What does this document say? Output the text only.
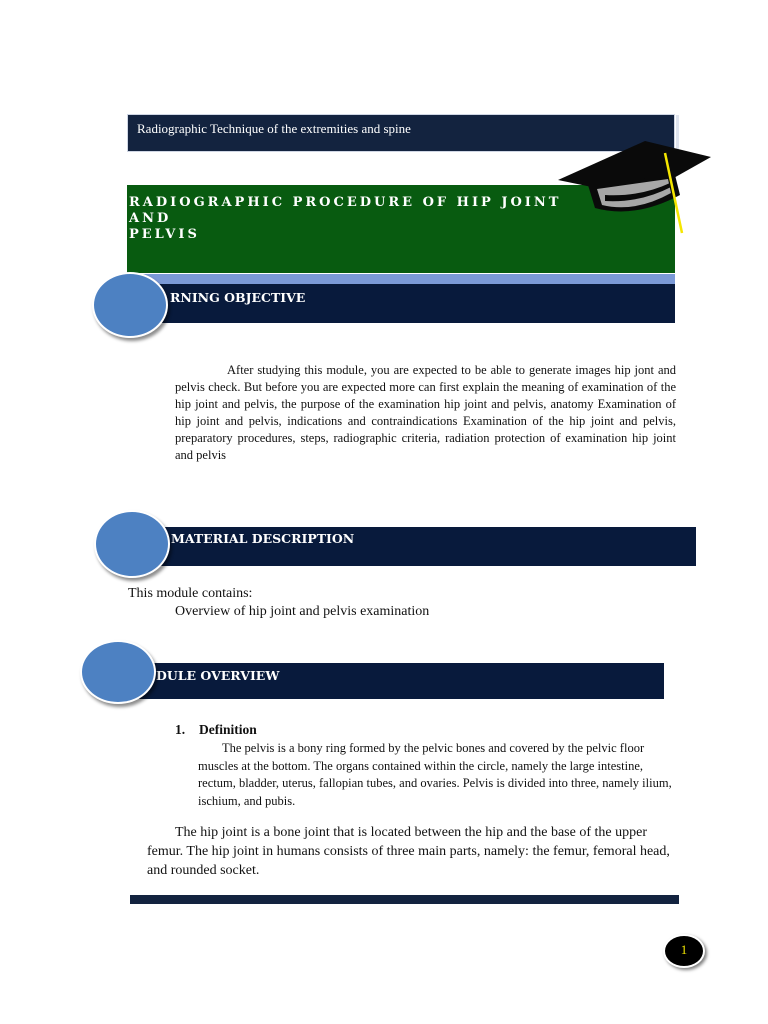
Radiographic Technique of the extremities and spine
RADIOGRAPHIC PROCEDURE OF HIP JOINT AND
PELVIS
RNING OBJECTIVE
After studying this module, you are expected to be able to generate images hip jont and pelvis check. But before you are expected more can first explain the meaning of examination of the hip joint and pelvis, the purpose of the examination hip joint and pelvis, anatomy Examination of hip joint and pelvis, indications and contraindications Examination of the hip joint and pelvis, preparatory procedures, steps, radiographic criteria, radiation protection of examination hip joint and pelvis
MATERIAL DESCRIPTION
This module contains:
Overview of hip joint and pelvis examination
DULE OVERVIEW
1. Definition
The pelvis is a bony ring formed by the pelvic bones and covered by the pelvic floor muscles at the bottom. The organs contained within the circle, namely the large intestine, rectum, bladder, uterus, fallopian tubes, and ovaries. Pelvis is divided into three, namely ilium, ischium, and pubis.
The hip joint is a bone joint that is located between the hip and the base of the upper femur. The hip joint in humans consists of three main parts, namely: the femur, femoral head, and rounded socket.
1
